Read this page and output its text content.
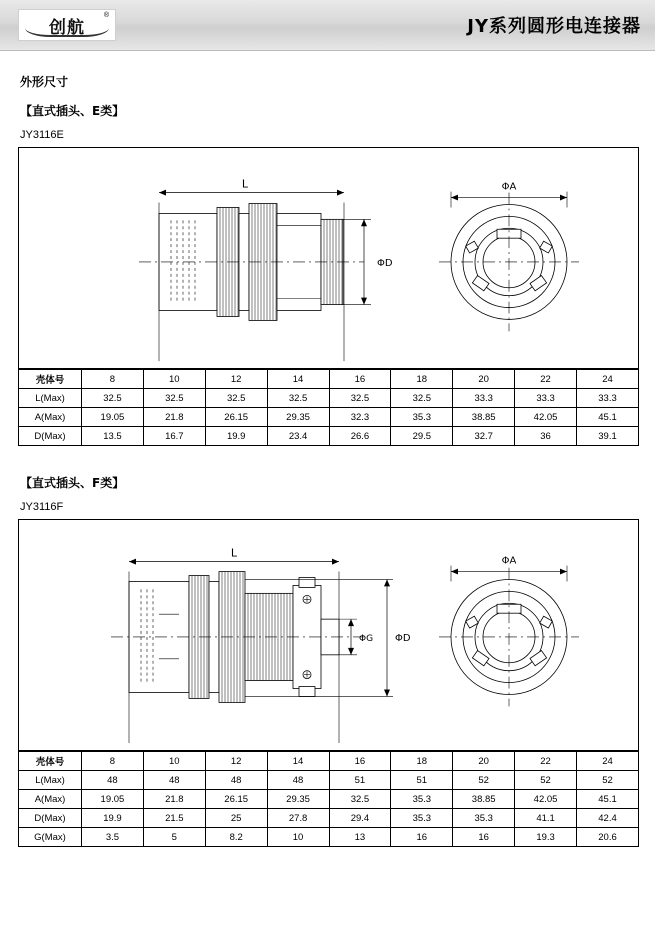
创航
®
JY系列圆形电连接器
外形尺寸
【直式插头、E类】
JY3116E
L
ΦD
ΦA
壳体号	8	10	12	14	16	18	20	22	24
L(Max)	32.5	32.5	32.5	32.5	32.5	32.5	33.3	33.3	33.3
A(Max)	19.05	21.8	26.15	29.35	32.3	35.3	38.85	42.05	45.1
D(Max)	13.5	16.7	19.9	23.4	26.6	29.5	32.7	36	39.1
【直式插头、F类】
JY3116F
L
ΦG ΦD
ΦA
壳体号	8	10	12	14	16	18	20	22	24
L(Max)	48	48	48	48	51	51	52	52	52
A(Max)	19.05	21.8	26.15	29.35	32.5	35.3	38.85	42.05	45.1
D(Max)	19.9	21.5	25	27.8	29.4	35.3	35.3	41.1	42.4
G(Max)	3.5	5	8.2	10	13	16	16	19.3	20.6
